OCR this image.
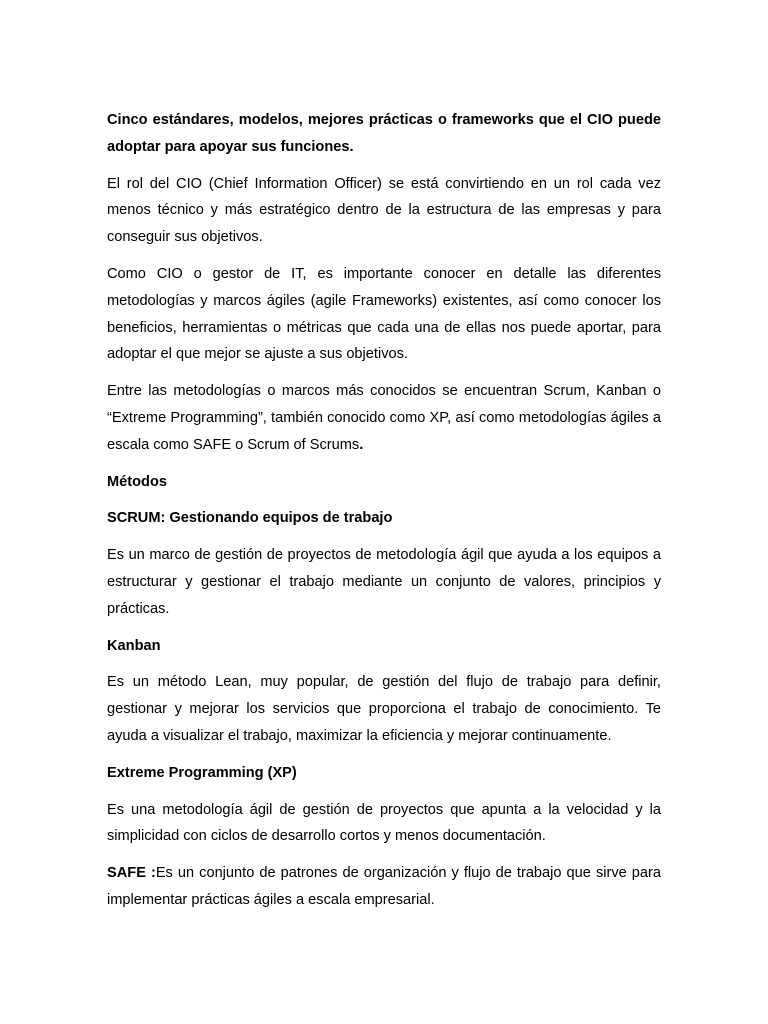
Cinco estándares, modelos, mejores prácticas o frameworks que el CIO puede adoptar para apoyar sus funciones.

El rol del CIO (Chief Information Officer) se está convirtiendo en un rol cada vez menos técnico y más estratégico dentro de la estructura de las empresas y para conseguir sus objetivos.

Como CIO o gestor de IT, es importante conocer en detalle las diferentes metodologías y marcos ágiles (agile Frameworks) existentes, así como conocer los beneficios, herramientas o métricas que cada una de ellas nos puede aportar, para adoptar el que mejor se ajuste a sus objetivos.

Entre las metodologías o marcos más conocidos se encuentran Scrum, Kanban o “Extreme Programming”, también conocido como XP, así como metodologías ágiles a escala como SAFE o Scrum of Scrums.

Métodos

SCRUM: Gestionando equipos de trabajo

Es un marco de gestión de proyectos de metodología ágil que ayuda a los equipos a estructurar y gestionar el trabajo mediante un conjunto de valores, principios y prácticas.

Kanban

Es un método Lean, muy popular, de gestión del flujo de trabajo para definir, gestionar y mejorar los servicios que proporciona el trabajo de conocimiento. Te ayuda a visualizar el trabajo, maximizar la eficiencia y mejorar continuamente.

Extreme Programming (XP)

Es una metodología ágil de gestión de proyectos que apunta a la velocidad y la simplicidad con ciclos de desarrollo cortos y menos documentación.

SAFE :Es un conjunto de patrones de organización y flujo de trabajo que sirve para implementar prácticas ágiles a escala empresarial.
